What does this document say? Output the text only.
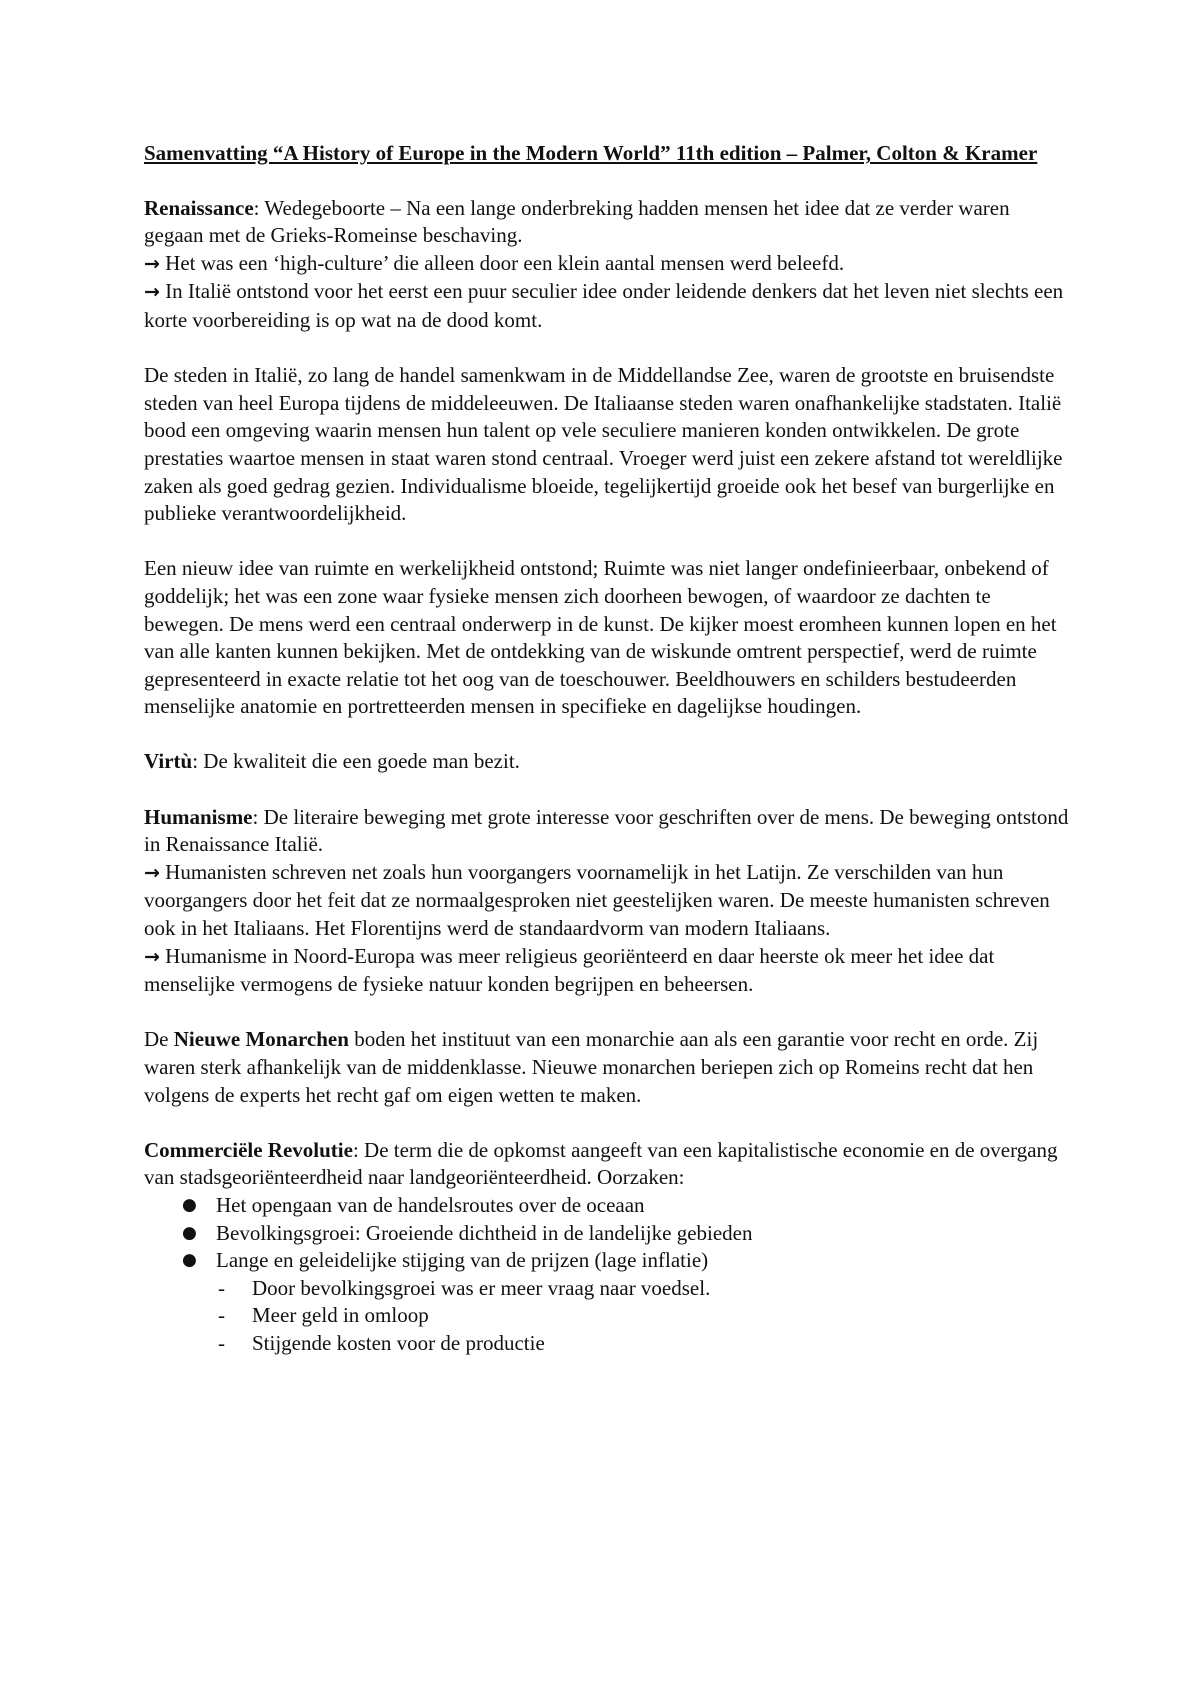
Samenvatting “A History of Europe in the Modern World” 11th edition – Palmer, Colton & Kramer

Renaissance: Wedegeboorte – Na een lange onderbreking hadden mensen het idee dat ze verder waren gegaan met de Grieks-Romeinse beschaving.

→ Het was een ‘high-culture’ die alleen door een klein aantal mensen werd beleefd.

→ In Italië ontstond voor het eerst een puur seculier idee onder leidende denkers dat het leven niet slechts een korte voorbereiding is op wat na de dood komt.

De steden in Italië, zo lang de handel samenkwam in de Middellandse Zee, waren de grootste en bruisendste steden van heel Europa tijdens de middeleeuwen. De Italiaanse steden waren onafhankelijke stadstaten. Italië bood een omgeving waarin mensen hun talent op vele seculiere manieren konden ontwikkelen. De grote prestaties waartoe mensen in staat waren stond centraal. Vroeger werd juist een zekere afstand tot wereldlijke zaken als goed gedrag gezien. Individualisme bloeide, tegelijkertijd groeide ook het besef van burgerlijke en publieke verantwoordelijkheid.

Een nieuw idee van ruimte en werkelijkheid ontstond; Ruimte was niet langer ondefinieerbaar, onbekend of goddelijk; het was een zone waar fysieke mensen zich doorheen bewogen, of waardoor ze dachten te bewegen. De mens werd een centraal onderwerp in de kunst. De kijker moest eromheen kunnen lopen en het van alle kanten kunnen bekijken. Met de ontdekking van de wiskunde omtrent perspectief, werd de ruimte gepresenteerd in exacte relatie tot het oog van de toeschouwer. Beeldhouwers en schilders bestudeerden menselijke anatomie en portretteerden mensen in specifieke en dagelijkse houdingen.

Virtù: De kwaliteit die een goede man bezit.

Humanisme: De literaire beweging met grote interesse voor geschriften over de mens. De beweging ontstond in Renaissance Italië.

→ Humanisten schreven net zoals hun voorgangers voornamelijk in het Latijn. Ze verschilden van hun voorgangers door het feit dat ze normaalgesproken niet geestelijken waren. De meeste humanisten schreven ook in het Italiaans. Het Florentijns werd de standaardvorm van modern Italiaans.

→ Humanisme in Noord-Europa was meer religieus georiënteerd en daar heerste ok meer het idee dat menselijke vermogens de fysieke natuur konden begrijpen en beheersen.

De Nieuwe Monarchen boden het instituut van een monarchie aan als een garantie voor recht en orde. Zij waren sterk afhankelijk van de middenklasse. Nieuwe monarchen beriepen zich op Romeins recht dat hen volgens de experts het recht gaf om eigen wetten te maken.

Commerciële Revolutie: De term die de opkomst aangeeft van een kapitalistische economie en de overgang van stadsgeoriënteerdheid naar landgeoriënteerdheid. Oorzaken:

● Het opengaan van de handelsroutes over de oceaan
● Bevolkingsgroei: Groeiende dichtheid in de landelijke gebieden
● Lange en geleidelijke stijging van de prijzen (lage inflatie)
- Door bevolkingsgroei was er meer vraag naar voedsel.
- Meer geld in omloop
- Stijgende kosten voor de productie
